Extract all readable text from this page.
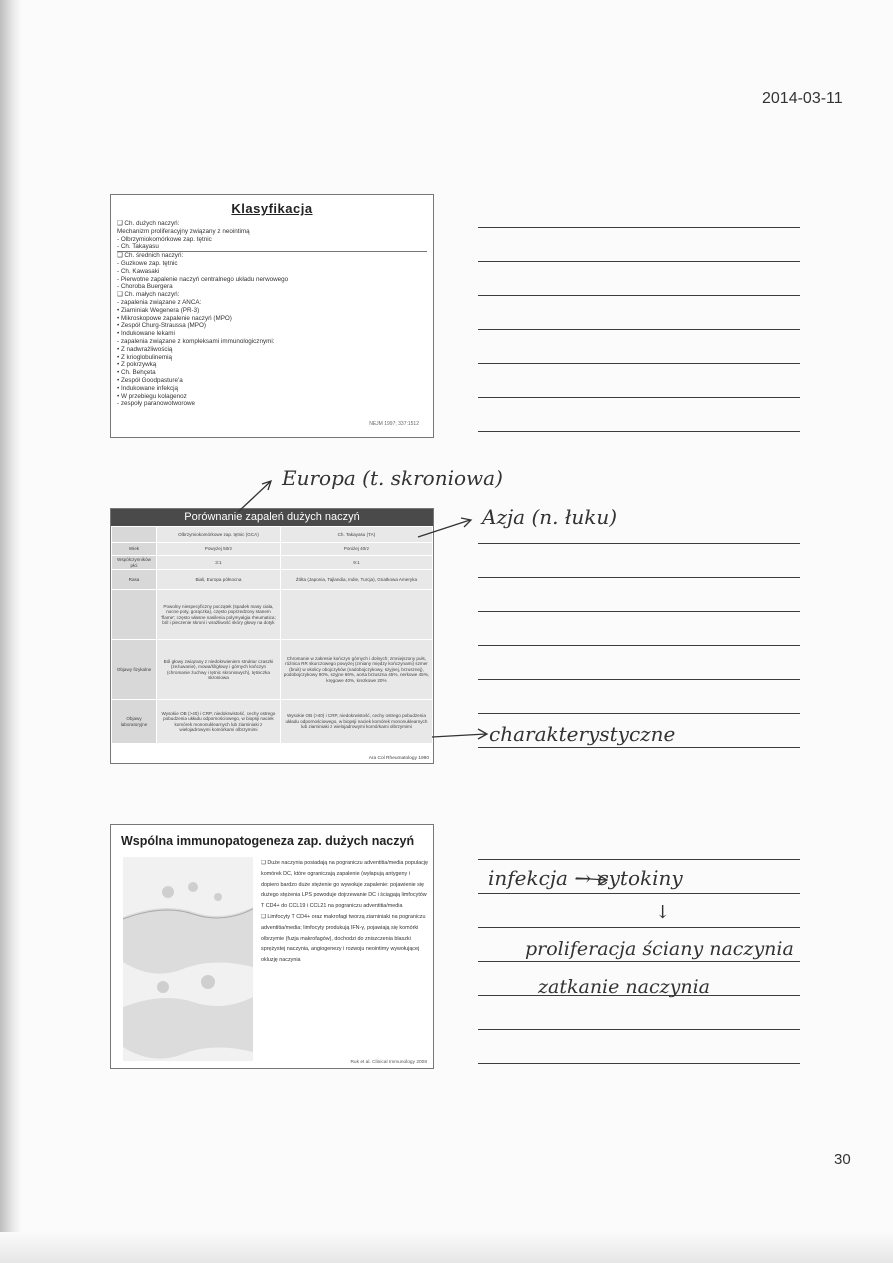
2014-03-11
30
Klasyfikacja
❑ Ch. dużych naczyń:
Mechanizm proliferacyjny związany z neointimą
- Olbrzymiokomórkowe zap. tętnic
- Ch. Takayasu
❑ Ch. średnich naczyń:
- Guzkowe zap. tętnic
- Ch. Kawasaki
- Pierwotne zapalenie naczyń centralnego układu nerwowego
- Choroba Buergera
❑ Ch. małych naczyń:
- zapalenia związane z ANCA:
• Ziarniniak Wegenera (PR-3)
• Mikroskopowe zapalenie naczyń (MPO)
• Zespół Churg-Straussa (MPO)
• Indukowane lekami
- zapalenia związane z kompleksami immunologicznymi:
• Z nadwrażliwością
• Z krioglobulinemią
• Z pokrzywką
• Ch. Behçeta
• Zespół Goodpasture'a
• Indukowane infekcją
• W przebiegu kolagenoz
- zespoły paranowotworowe
NEJM 1997; 337:1512
Porównanie zapaleń dużych naczyń
	Olbrzymiokomórkowe zap. tętnic (GCA)	Ch. Takayasu (TA)
Wiek	Powyżej 50rz	Poniżej 40rz
Współczynników płci	3:1	9:1
Rasa	Biali, Europa północna	Żółta (Japonia, Tajlandia, Indie, Turcja), Gnatkowa Ameryka
	Powolny niespecyficzny początek (spadek masy ciała, nocne poty, gorączka), często poprzedzony stanem 'flame'; często własne nasilenia polymyalgia rheumatica; ból i pieczenie skroni i wrażliwość skóry głowy na dotyk	
Objawy fizykalne	Ból głowy związany z niedokrwieniem struktur czaszki (zeżuwanie), mowa/śl/głowy i górnych kończyn (chromanie żuchwy i tętnic skroniowych), tętniczka skroniowa	Chromanie w zakresie kończyn górnych i dolnych; zmniejszony puls, różnica RR skurczowego powyżej (zmiany między kończynami) szmer (bruit) w okolicy obojczyków (nadobojczykowy, szyjnej, brzusznej), podobojczykowy 90%, szyjne 66%, aorta brzuszna 45%, nerkowe 45%, kręgowe 40%, krezkowe 20%
Objawy laboratoryjne	Wysokie OB (>40) i CRP, niedokrwistość, cechy ostrego pobudzenia układu odpornościowego, w biopsji naciek komórek mononuklearnych lub ziarniniaki z wielojadrowymi komórkami olbrzymimi	Wysokie OB (>40) i CRP, niedokrwistość, cechy ostrego pobudzenia układu odpornościowego, w biopsji naciek komórek mononuklearnych lub ziarniniaki z wielojadrowymi komórkami olbrzymimi
Ara Col Rheumatology 1990
Wspólna immunopatogeneza zap. dużych naczyń
❑ Duże naczynia posiadają na pograniczu adventitia/media populację komórek DC, które ograniczają zapalenie (wyłapują antygeny i dopiero bardzo duże stężenie go wywołuje zapalenie: pojawienie się dużego stężenia LPS powoduje dojrzewanie DC i ściągają limfocytów T CD4+ do CCL19 i CCL21 na pograniczu adventitia/media
❑ Limfocyty T CD4+ oraz makrofagi tworzą ziarniniaki na pograniczu adventitia/media; limfocyty produkują IFN-γ, pojawiają się komórki olbrzymie (fuzja makrofagów), dochodzi do zniszczenia blaszki sprężystej naczynia, angiogenezy i rozwoju neointimy wywołującej okluzję naczynia
Ruk et al. Clinical Immunology 2008
Europa (t. skroniowa)
Azja (n. łuku)
charakterystyczne
infekcja → cytokiny
↓
proliferacja ściany naczynia
zatkanie naczynia
